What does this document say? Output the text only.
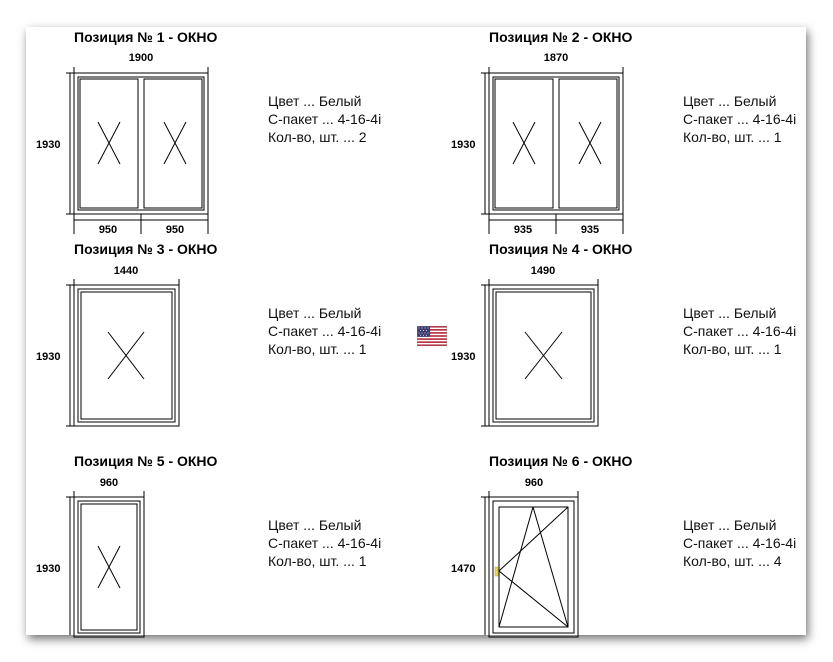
Позиция № 1 - ОКНО
1900
1930
950	950
Цвет ... Белый
С-пакет ... 4-16-4i
Кол-во, шт. ... 2
Позиция № 2 - ОКНО
1870
1930
935	935
Цвет ... Белый
С-пакет ... 4-16-4i
Кол-во, шт. ... 1
Позиция № 3 - ОКНО
1440
1930
Цвет ... Белый
С-пакет ... 4-16-4i
Кол-во, шт. ... 1
Позиция № 4 - ОКНО
1490
1930
Цвет ... Белый
С-пакет ... 4-16-4i
Кол-во, шт. ... 1
Позиция № 5 - ОКНО
960
1930
Цвет ... Белый
С-пакет ... 4-16-4i
Кол-во, шт. ... 1
Позиция № 6 - ОКНО
960
1470
Цвет ... Белый
С-пакет ... 4-16-4i
Кол-во, шт. ... 4
